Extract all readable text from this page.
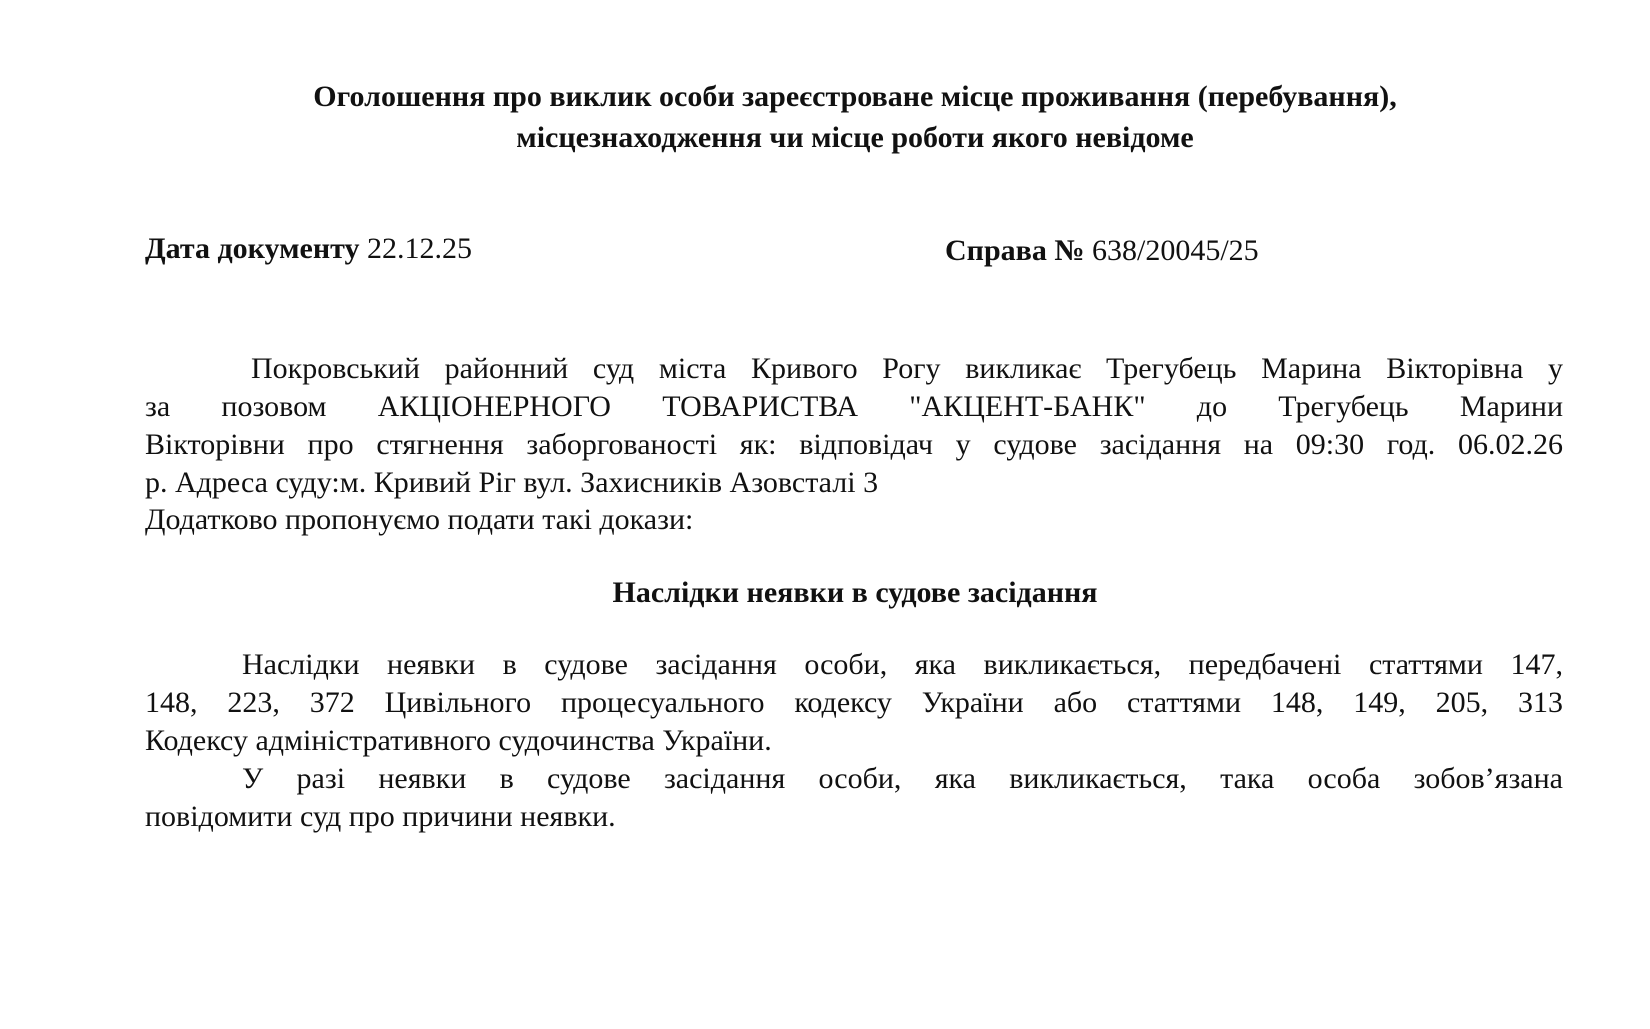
Оголошення про виклик особи зареєстроване місце проживання (перебування),
місцезнаходження чи місце роботи якого невідоме
Дата документу 22.12.25	Справа № 638/20045/25
Покровський районний суд міста Кривого Рогу викликає Трегубець Марина Вікторівна у
за позовом АКЦІОНЕРНОГО ТОВАРИСТВА "АКЦЕНТ-БАНК" до Трегубець Марини
Вікторівни про стягнення заборгованості як: відповідач у судове засідання на 09:30 год. 06.02.26
р. Адреса суду:м. Кривий Ріг вул. Захисників Азовсталі 3
Додатково пропонуємо подати такі докази:
Наслідки неявки в судове засідання
Наслідки неявки в судове засідання особи, яка викликається, передбачені статтями 147,
148, 223, 372 Цивільного процесуального кодексу України або статтями 148, 149, 205, 313
Кодексу адміністративного судочинства України.
У разі неявки в судове засідання особи, яка викликається, така особа зобов’язана
повідомити суд про причини неявки.
